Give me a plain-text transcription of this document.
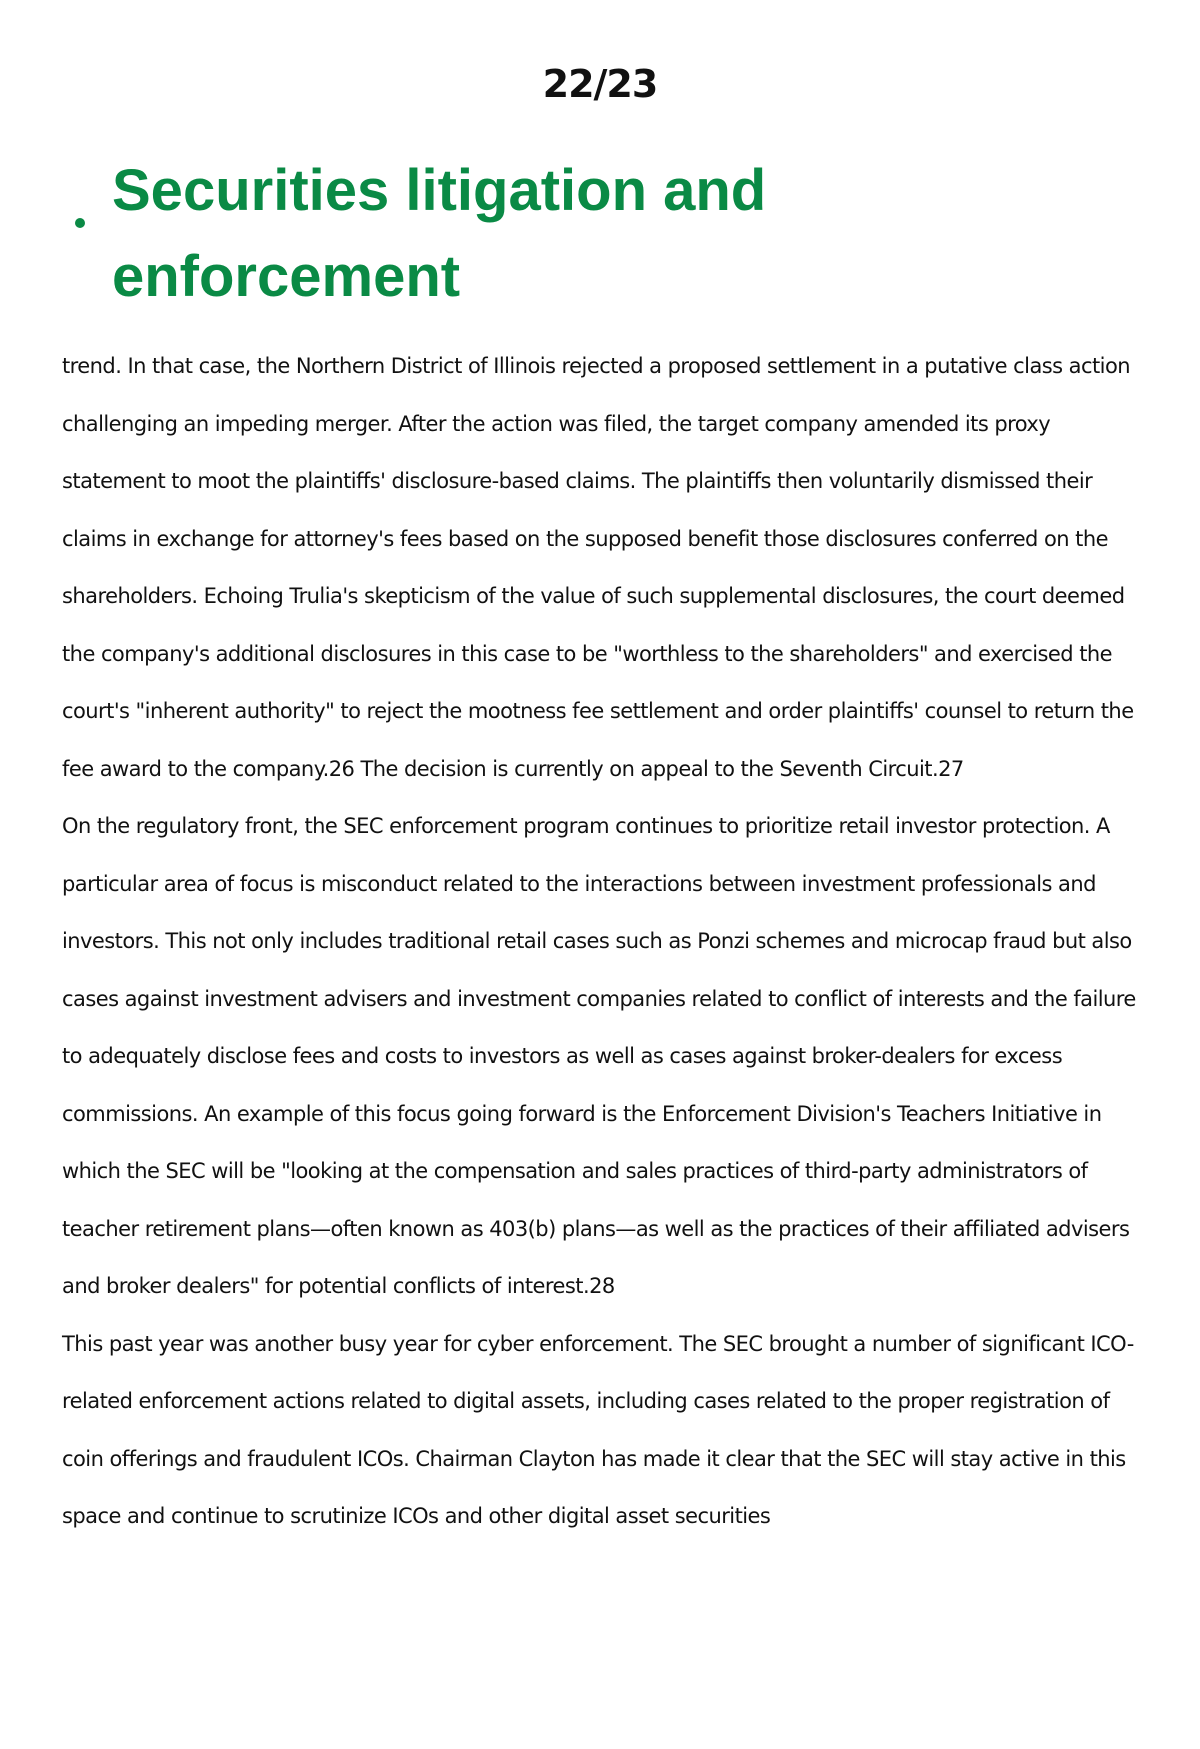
22/23
Securities litigation and enforcement

trend. In that case, the Northern District of Illinois rejected a proposed settlement in a putative class action challenging an impeding merger. After the action was filed, the target company amended its proxy statement to moot the plaintiffs' disclosure-based claims. The plaintiffs then voluntarily dismissed their claims in exchange for attorney's fees based on the supposed benefit those disclosures conferred on the shareholders. Echoing Trulia's skepticism of the value of such supplemental disclosures, the court deemed the company's additional disclosures in this case to be "worthless to the shareholders" and exercised the court's "inherent authority" to reject the mootness fee settlement and order plaintiffs' counsel to return the fee award to the company.26 The decision is currently on appeal to the Seventh Circuit.27

On the regulatory front, the SEC enforcement program continues to prioritize retail investor protection. A particular area of focus is misconduct related to the interactions between investment professionals and investors. This not only includes traditional retail cases such as Ponzi schemes and microcap fraud but also cases against investment advisers and investment companies related to conflict of interests and the failure to adequately disclose fees and costs to investors as well as cases against broker-dealers for excess commissions. An example of this focus going forward is the Enforcement Division's Teachers Initiative in which the SEC will be "looking at the compensation and sales practices of third-party administrators of teacher retirement plans—often known as 403(b) plans—as well as the practices of their affiliated advisers and broker dealers" for potential conflicts of interest.28

This past year was another busy year for cyber enforcement. The SEC brought a number of significant ICO-related enforcement actions related to digital assets, including cases related to the proper registration of coin offerings and fraudulent ICOs. Chairman Clayton has made it clear that the SEC will stay active in this space and continue to scrutinize ICOs and other digital asset securities
